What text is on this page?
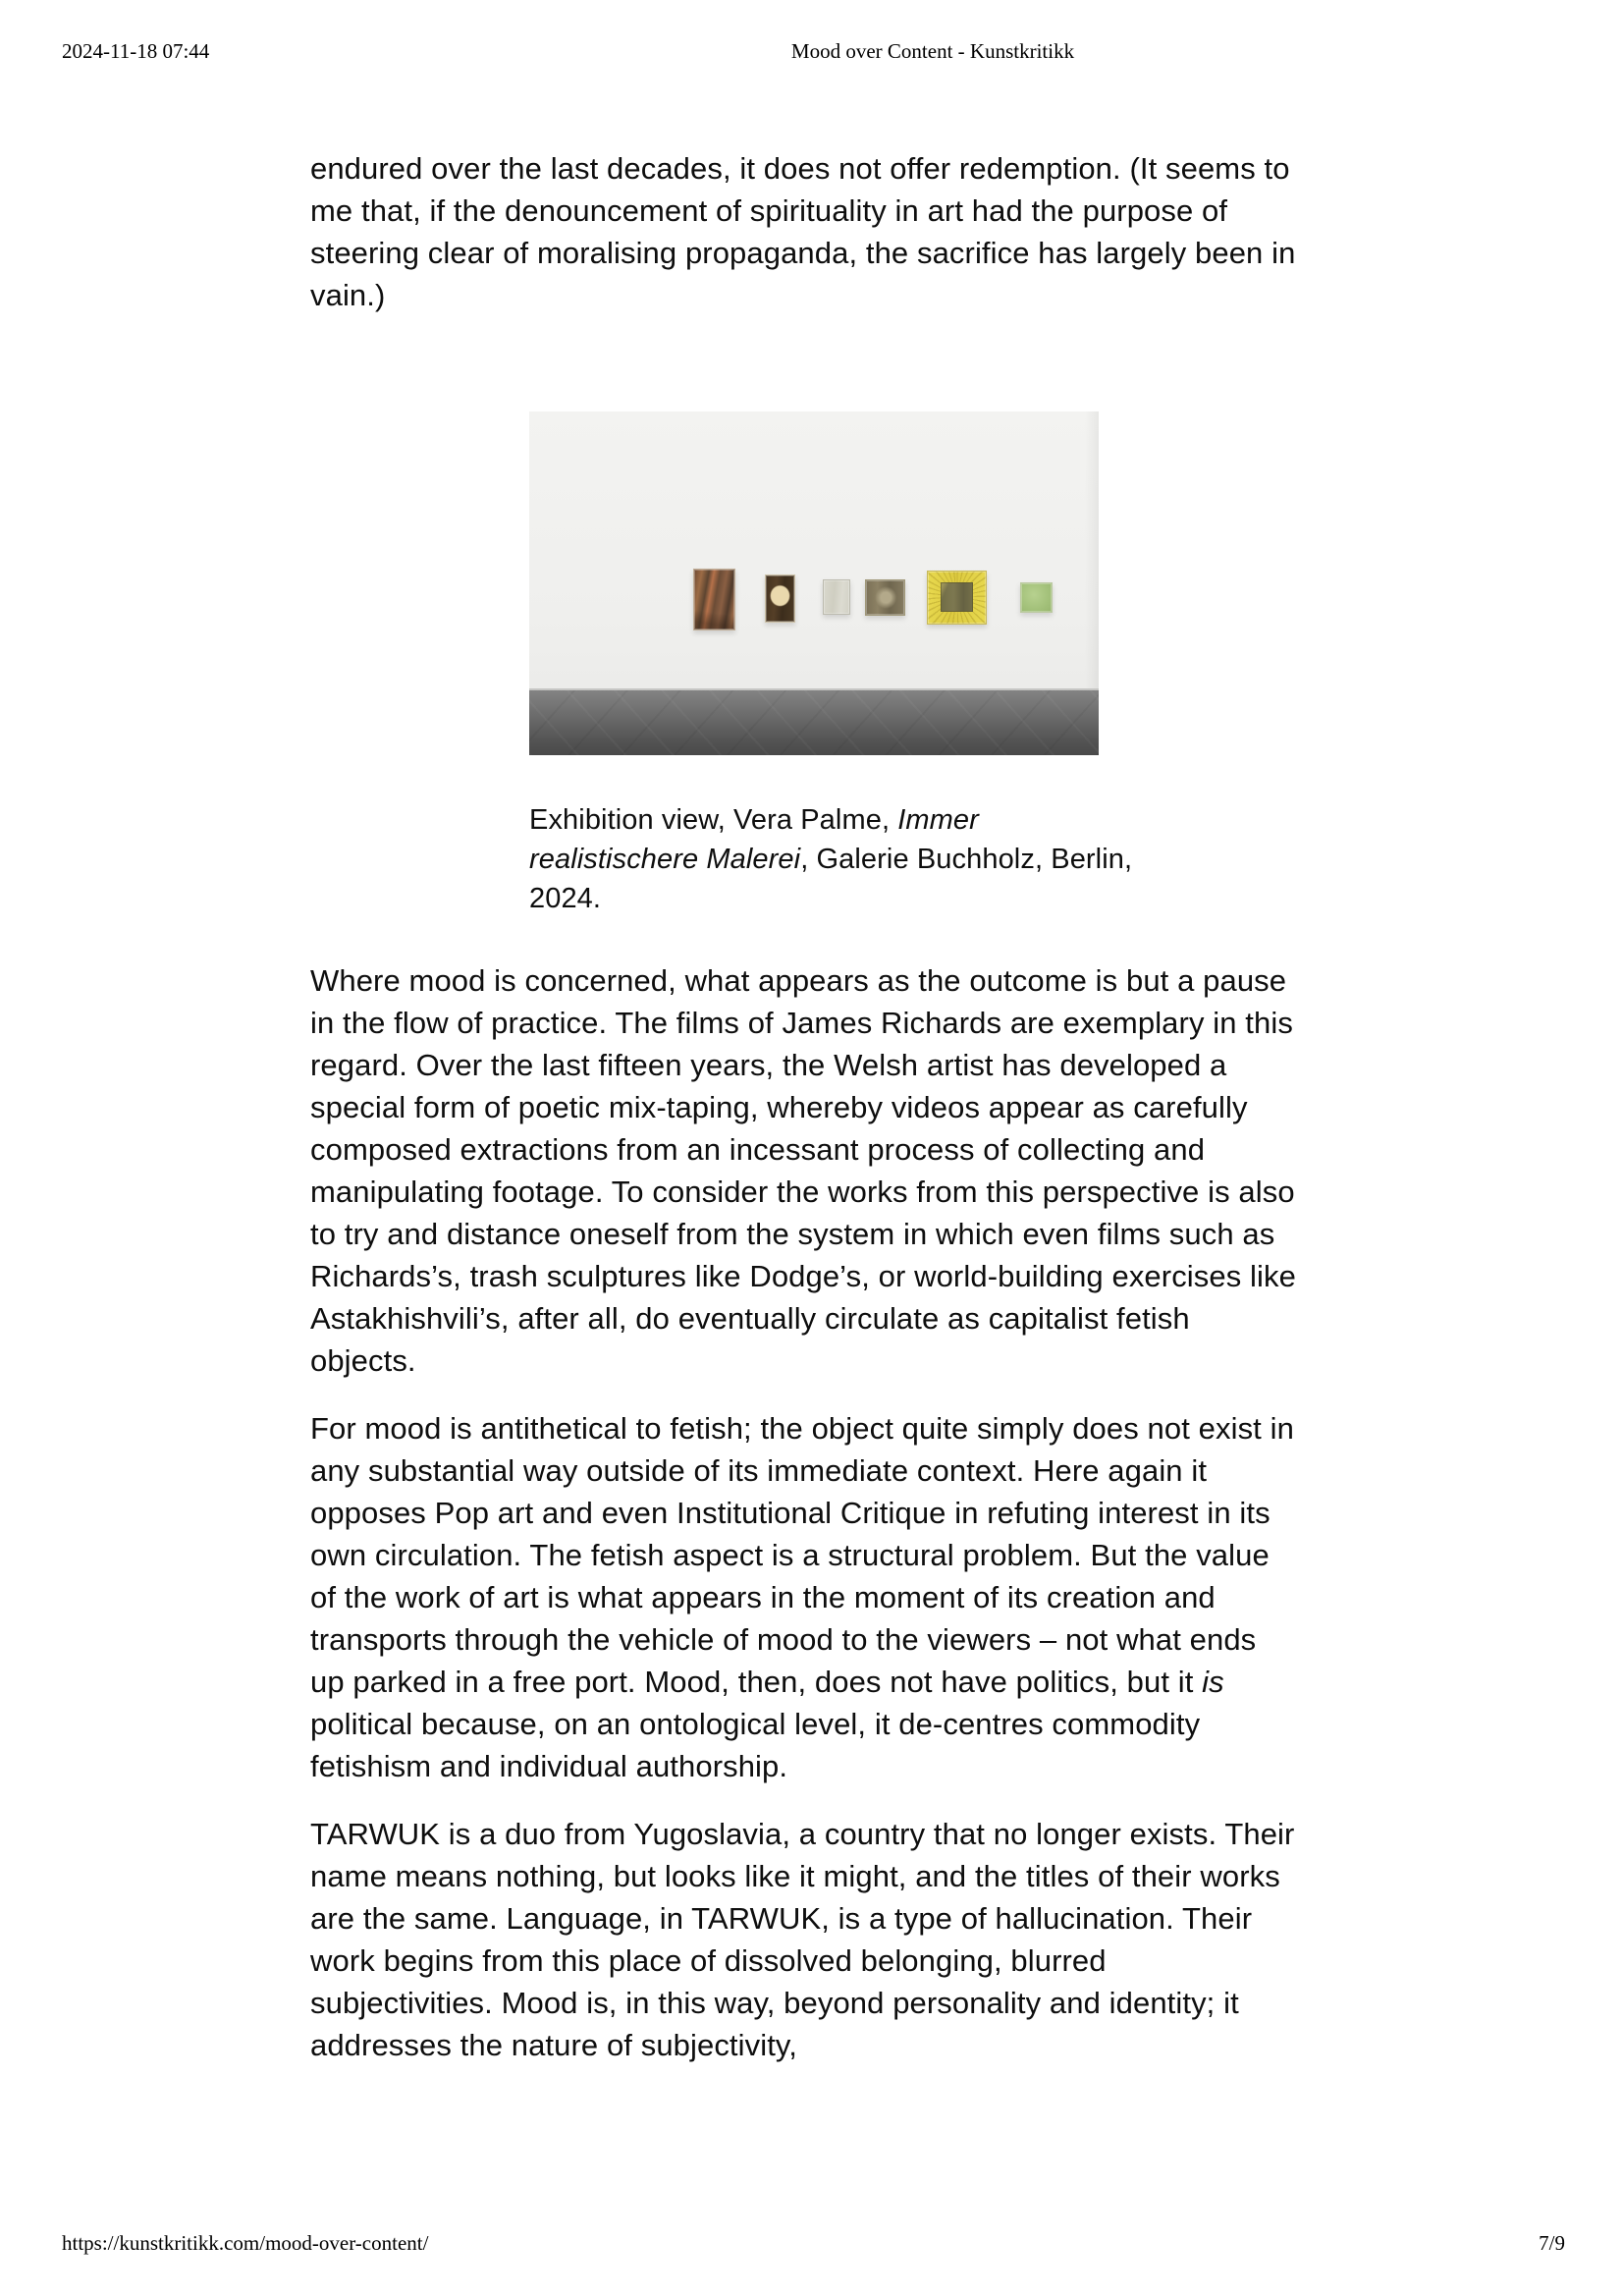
2024-11-18 07:44	Mood over Content - Kunstkritikk

endured over the last decades, it does not offer redemption. (It seems to me that, if the denouncement of spirituality in art had the purpose of steering clear of moralising propaganda, the sacrifice has largely been in vain.)

Exhibition view, Vera Palme, Immer realistischere Malerei, Galerie Buchholz, Berlin, 2024.

Where mood is concerned, what appears as the outcome is but a pause in the flow of practice. The films of James Richards are exemplary in this regard. Over the last fifteen years, the Welsh artist has developed a special form of poetic mix-taping, whereby videos appear as carefully composed extractions from an incessant process of collecting and manipulating footage. To consider the works from this perspective is also to try and distance oneself from the system in which even films such as Richards’s, trash sculptures like Dodge’s, or world-building exercises like Astakhishvili’s, after all, do eventually circulate as capitalist fetish objects.

For mood is antithetical to fetish; the object quite simply does not exist in any substantial way outside of its immediate context. Here again it opposes Pop art and even Institutional Critique in refuting interest in its own circulation. The fetish aspect is a structural problem. But the value of the work of art is what appears in the moment of its creation and transports through the vehicle of mood to the viewers – not what ends up parked in a free port. Mood, then, does not have politics, but it is political because, on an ontological level, it de-centres commodity fetishism and individual authorship.

TARWUK is a duo from Yugoslavia, a country that no longer exists. Their name means nothing, but looks like it might, and the titles of their works are the same. Language, in TARWUK, is a type of hallucination. Their work begins from this place of dissolved belonging, blurred subjectivities. Mood is, in this way, beyond personality and identity; it addresses the nature of subjectivity,

https://kunstkritikk.com/mood-over-content/	7/9
